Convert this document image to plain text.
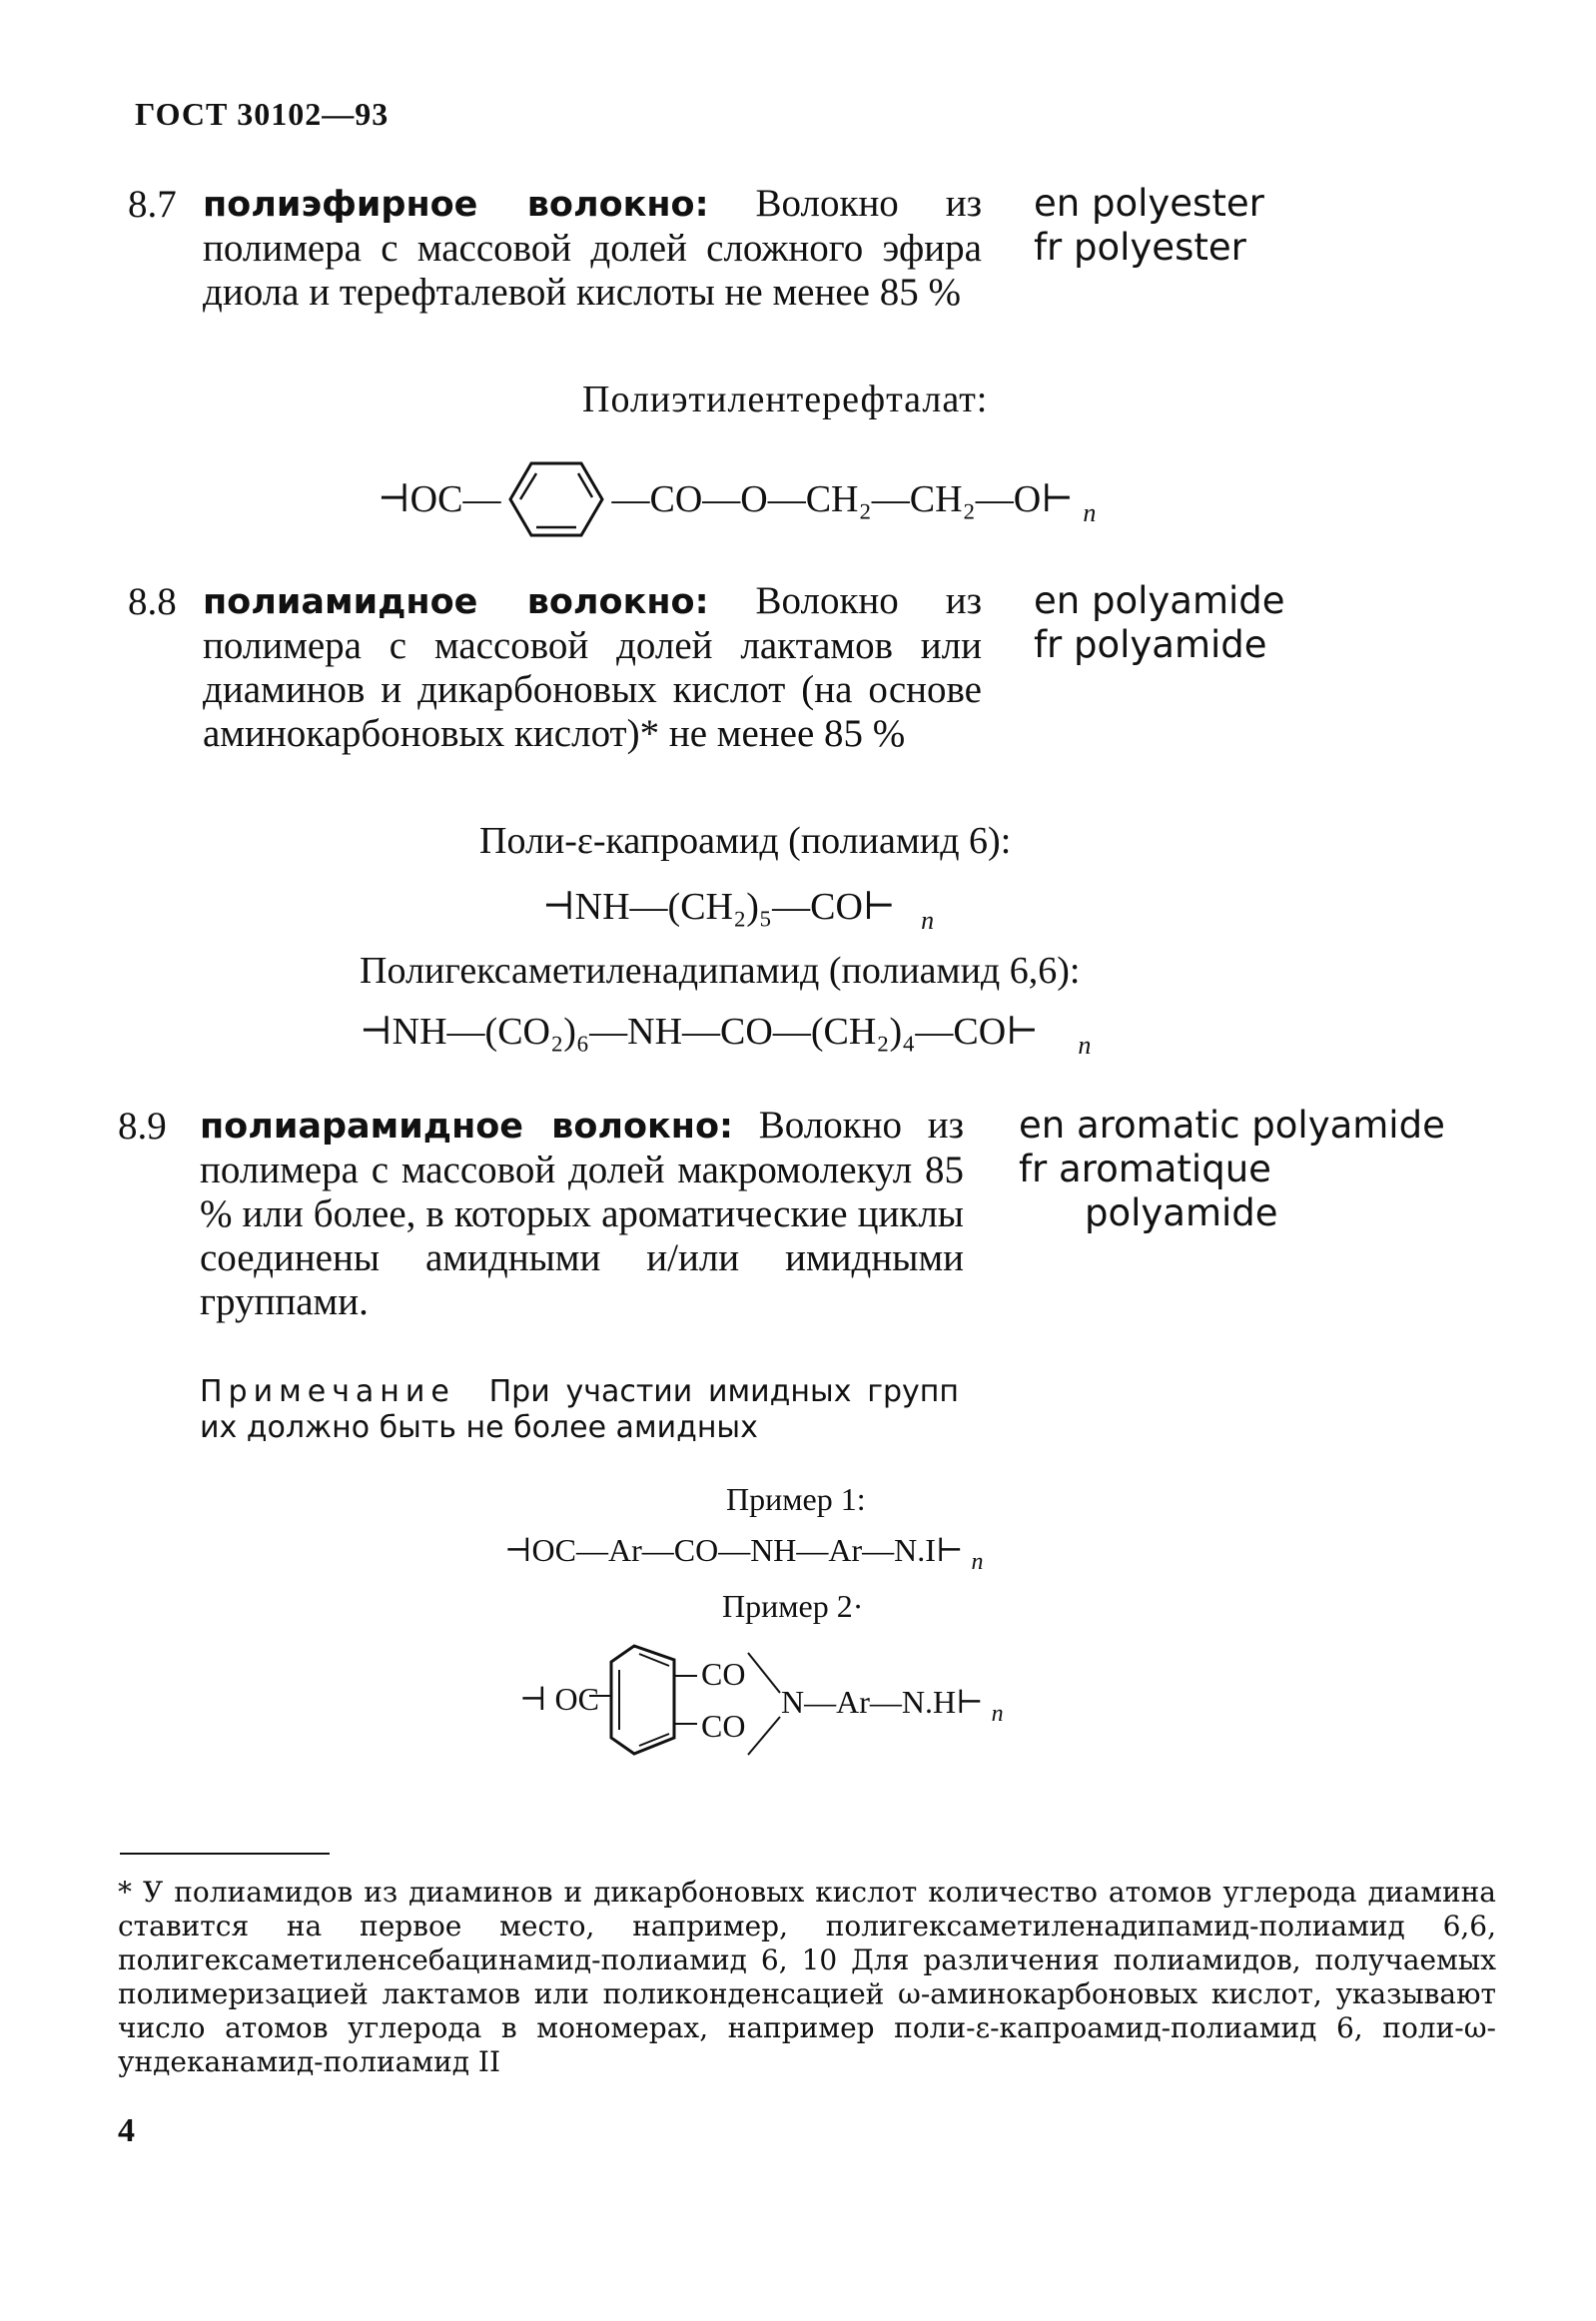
ГОСТ 30102—93
8.7 полиэфирное волокно: Волокно из полимера с массовой долей сложного эфира диола и терефталевой кислоты не менее 85 %
en polyester
fr polyester
Полиэтилентерефталат:
⊣OC—	—CO—O—CH₂—CH₂—O⊢ $_n$
8.8 полиамидное волокно: Волокно из полимера с массовой долей лактамов или диаминов и дикарбоновых кислот (на основе аминокарбоновых кислот)* не менее 85 %
en polyamide
fr polyamide
Поли-ε-капроамид (полиамид 6):
⊣NH—(CH₂)₅—CO⊢ $_n$
Полигексаметиленадипамид (полиамид 6,6):
⊣NH—(CO₂)₆—NH—CO—(CH₂)₄—CO⊢ $_n$
8.9 полиарамидное волокно: Волокно из полимера с массовой долей макромолекул 85 % или более, в которых ароматические циклы соединены амидными и/или имидными группами.
en aromatic polyamide
fr aromatique
polyamide
Примечание При участии имидных групп их должно быть не более амидных
Пример 1:
⊣OC—Ar—CO—NH—Ar—N.I⊢ $_n$
Пример 2·
⊣ OC
CO
CO
N—Ar—N.H⊢ $_n$
* У полиамидов из диаминов и дикарбоновых кислот количество атомов углерода диамина ставится на первое место, например, полигексаметиленадипамид-полиамид 6,6, полигексаметиленсебацинамид-полиамид 6, 10 Для различения полиамидов, получаемых полимеризацией лактамов или поликонденсацией ω-аминокарбоновых кислот, указывают число атомов углерода в мономерах, например поли-ε-капроамид-полиамид 6, поли-ω-ундеканамид-полиамид II
4
